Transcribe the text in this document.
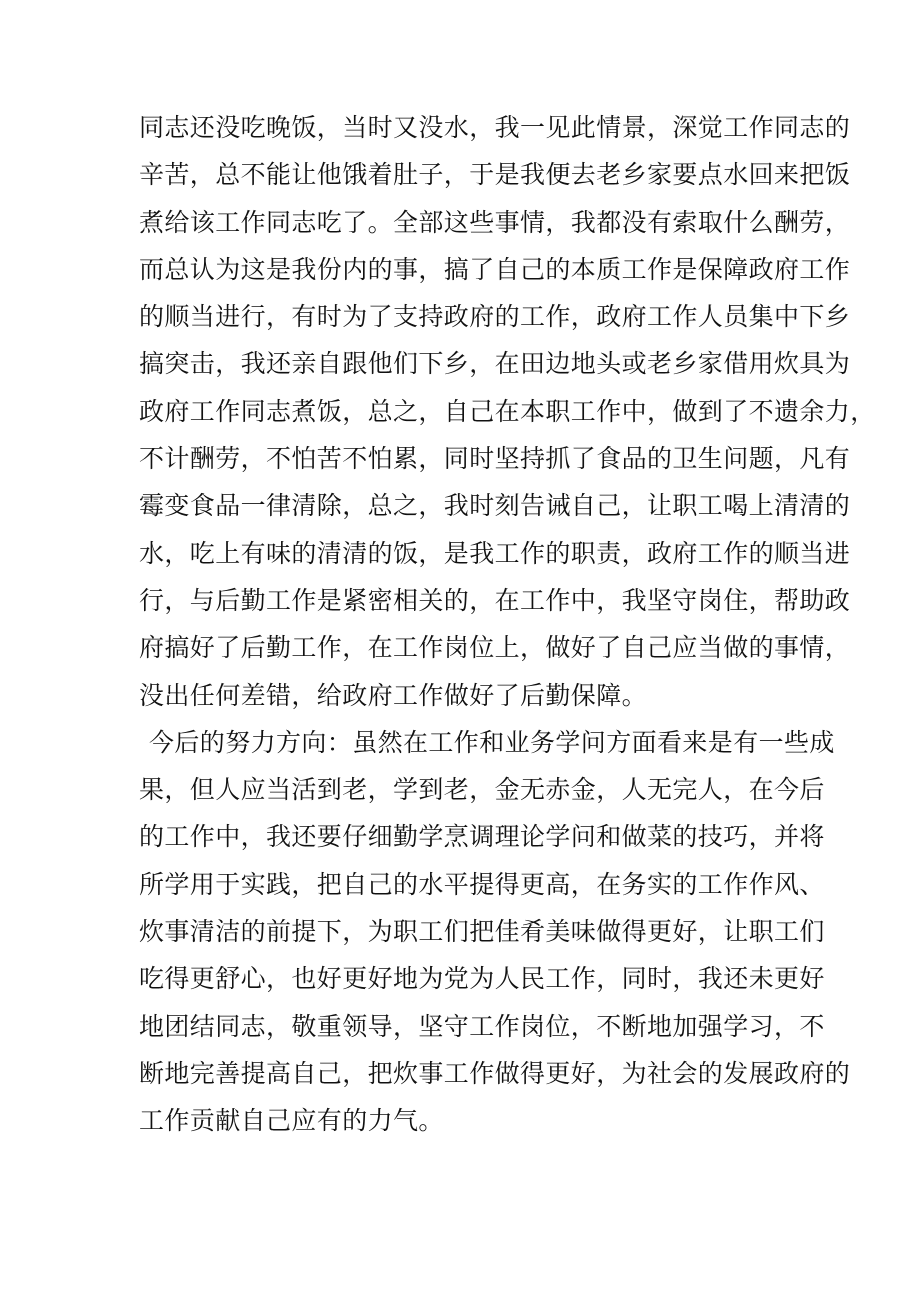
同志还没吃晚饭，当时又没水，我一见此情景，深觉工作同志的
辛苦，总不能让他饿着肚子，于是我便去老乡家要点水回来把饭
煮给该工作同志吃了。全部这些事情，我都没有索取什么酬劳，
而总认为这是我份内的事，搞了自己的本质工作是保障政府工作
的顺当进行，有时为了支持政府的工作，政府工作人员集中下乡
搞突击，我还亲自跟他们下乡，在田边地头或老乡家借用炊具为
政府工作同志煮饭，总之，自己在本职工作中，做到了不遗余力，
不计酬劳，不怕苦不怕累，同时坚持抓了食品的卫生问题，凡有
霉变食品一律清除，总之，我时刻告诫自己，让职工喝上清清的
水，吃上有味的清清的饭，是我工作的职责，政府工作的顺当进
行，与后勤工作是紧密相关的，在工作中，我坚守岗住，帮助政
府搞好了后勤工作，在工作岗位上，做好了自己应当做的事情，
没出任何差错，给政府工作做好了后勤保障。
今后的努力方向：虽然在工作和业务学问方面看来是有一些成
果，但人应当活到老，学到老，金无赤金，人无完人，在今后
的工作中，我还要仔细勤学烹调理论学问和做菜的技巧，并将
所学用于实践，把自己的水平提得更高，在务实的工作作风、
炊事清洁的前提下，为职工们把佳肴美味做得更好，让职工们
吃得更舒心，也好更好地为党为人民工作，同时，我还未更好
地团结同志，敬重领导，坚守工作岗位，不断地加强学习，不
断地完善提高自己，把炊事工作做得更好，为社会的发展政府的
工作贡献自己应有的力气。
